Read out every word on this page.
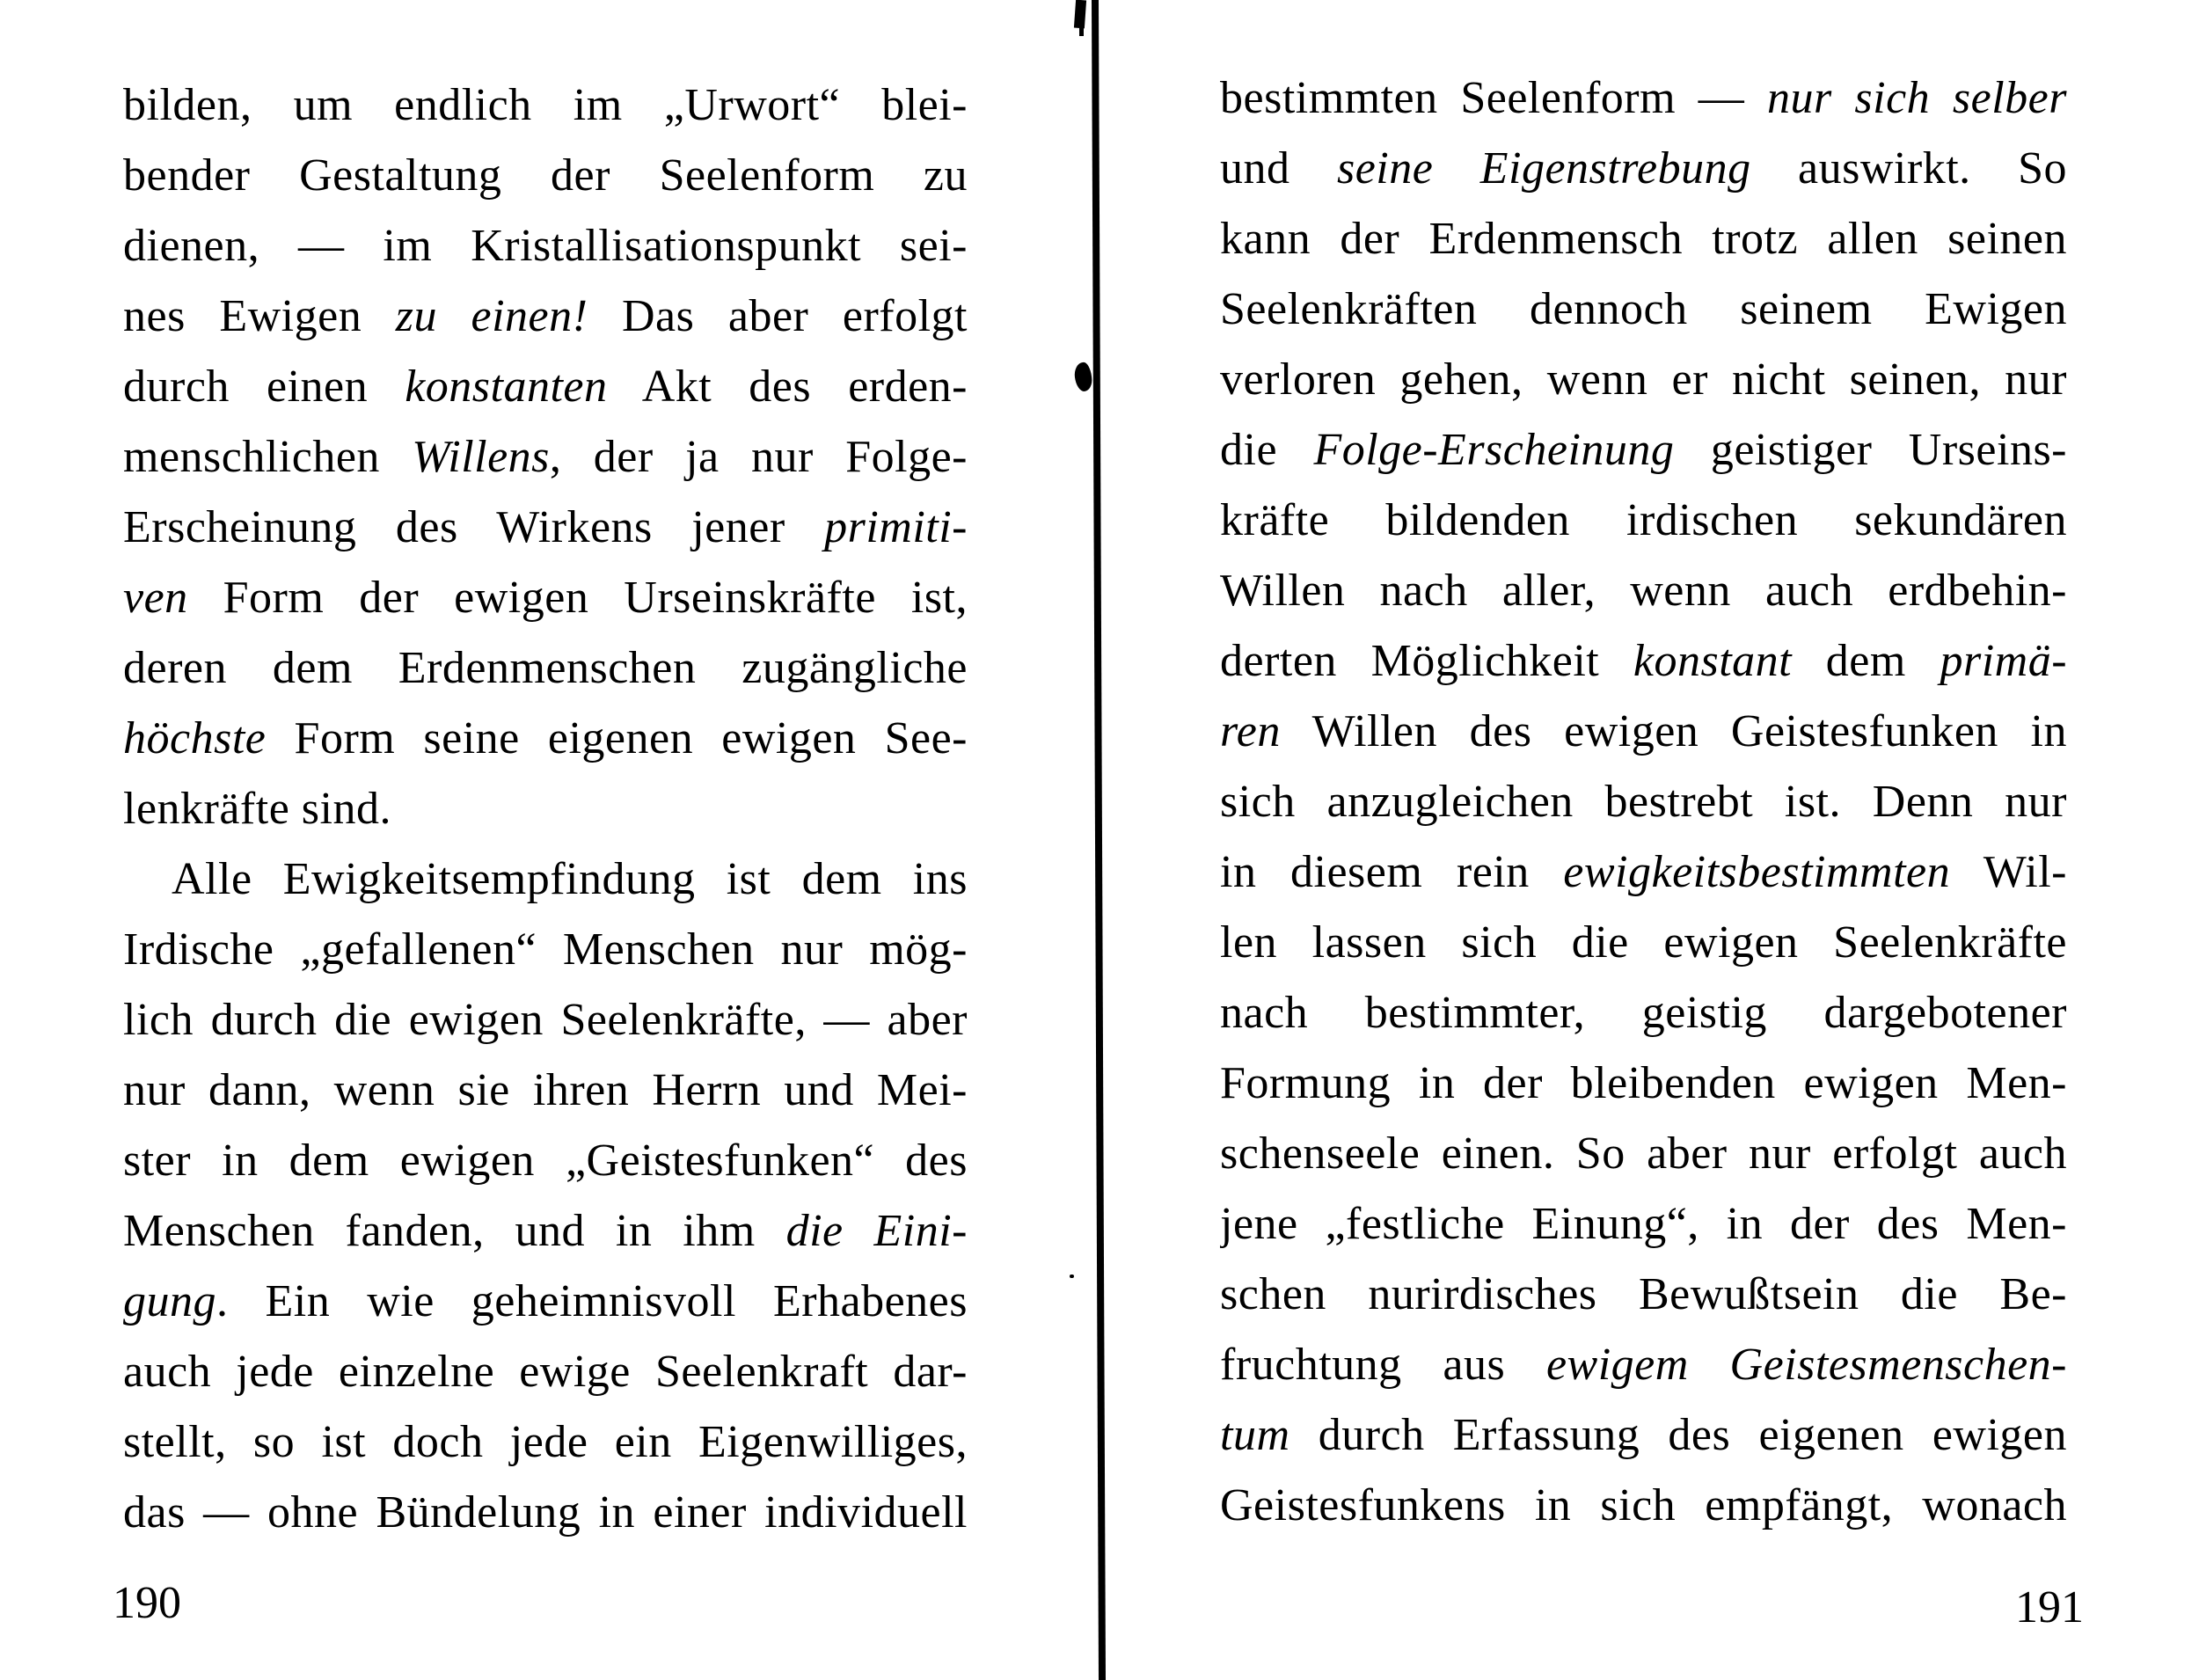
bilden, um endlich im „Urwort“ blei-
bender Gestaltung der Seelenform zu
dienen, — im Kristallisationspunkt sei-
nes Ewigen zu einen! Das aber erfolgt
durch einen konstanten Akt des erden-
menschlichen Willens, der ja nur Folge-
Erscheinung des Wirkens jener primiti-
ven Form der ewigen Urseinskräfte ist,
deren dem Erdenmenschen zugängliche
höchste Form seine eigenen ewigen See-
lenkräfte sind.
Alle Ewigkeitsempfindung ist dem ins
Irdische „gefallenen“ Menschen nur mög-
lich durch die ewigen Seelenkräfte, — aber
nur dann, wenn sie ihren Herrn und Mei-
ster in dem ewigen „Geistesfunken“ des
Menschen fanden, und in ihm die Eini-
gung. Ein wie geheimnisvoll Erhabenes
auch jede einzelne ewige Seelenkraft dar-
stellt, so ist doch jede ein Eigenwilliges,
das — ohne Bündelung in einer individuell
190
bestimmten Seelenform — nur sich selber
und seine Eigenstrebung auswirkt. So
kann der Erdenmensch trotz allen seinen
Seelenkräften dennoch seinem Ewigen
verloren gehen, wenn er nicht seinen, nur
die Folge-Erscheinung geistiger Urseins-
kräfte bildenden irdischen sekundären
Willen nach aller, wenn auch erdbehin-
derten Möglichkeit konstant dem primä-
ren Willen des ewigen Geistesfunken in
sich anzugleichen bestrebt ist. Denn nur
in diesem rein ewigkeitsbestimmten Wil-
len lassen sich die ewigen Seelenkräfte
nach bestimmter, geistig dargebotener
Formung in der bleibenden ewigen Men-
schenseele einen. So aber nur erfolgt auch
jene „festliche Einung“, in der des Men-
schen nurirdisches Bewußtsein die Be-
fruchtung aus ewigem Geistesmenschen-
tum durch Erfassung des eigenen ewigen
Geistesfunkens in sich empfängt, wonach
191
